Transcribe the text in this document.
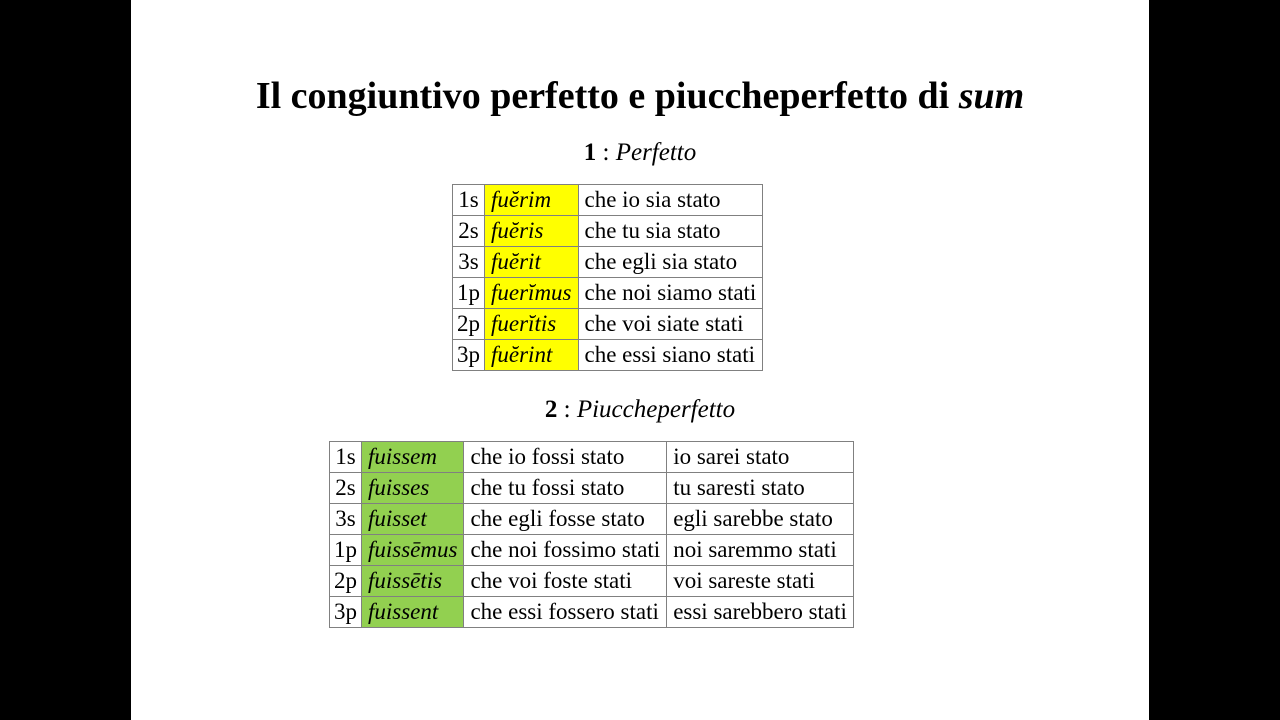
Il congiuntivo perfetto e piuccheperfetto di sum
1 : Perfetto
1s	fuĕrim	che io sia stato
2s	fuĕris	che tu sia stato
3s	fuĕrit	che egli sia stato
1p	fuerĭmus	che noi siamo stati
2p	fuerĭtis	che voi siate stati
3p	fuĕrint	che essi siano stati
2 : Piuccheperfetto
1s	fuissem	che io fossi stato	io sarei stato
2s	fuisses	che tu fossi stato	tu saresti stato
3s	fuisset	che egli fosse stato	egli sarebbe stato
1p	fuissēmus	che noi fossimo stati	noi saremmo stati
2p	fuissētis	che voi foste stati	voi sareste stati
3p	fuissent	che essi fossero stati	essi sarebbero stati
